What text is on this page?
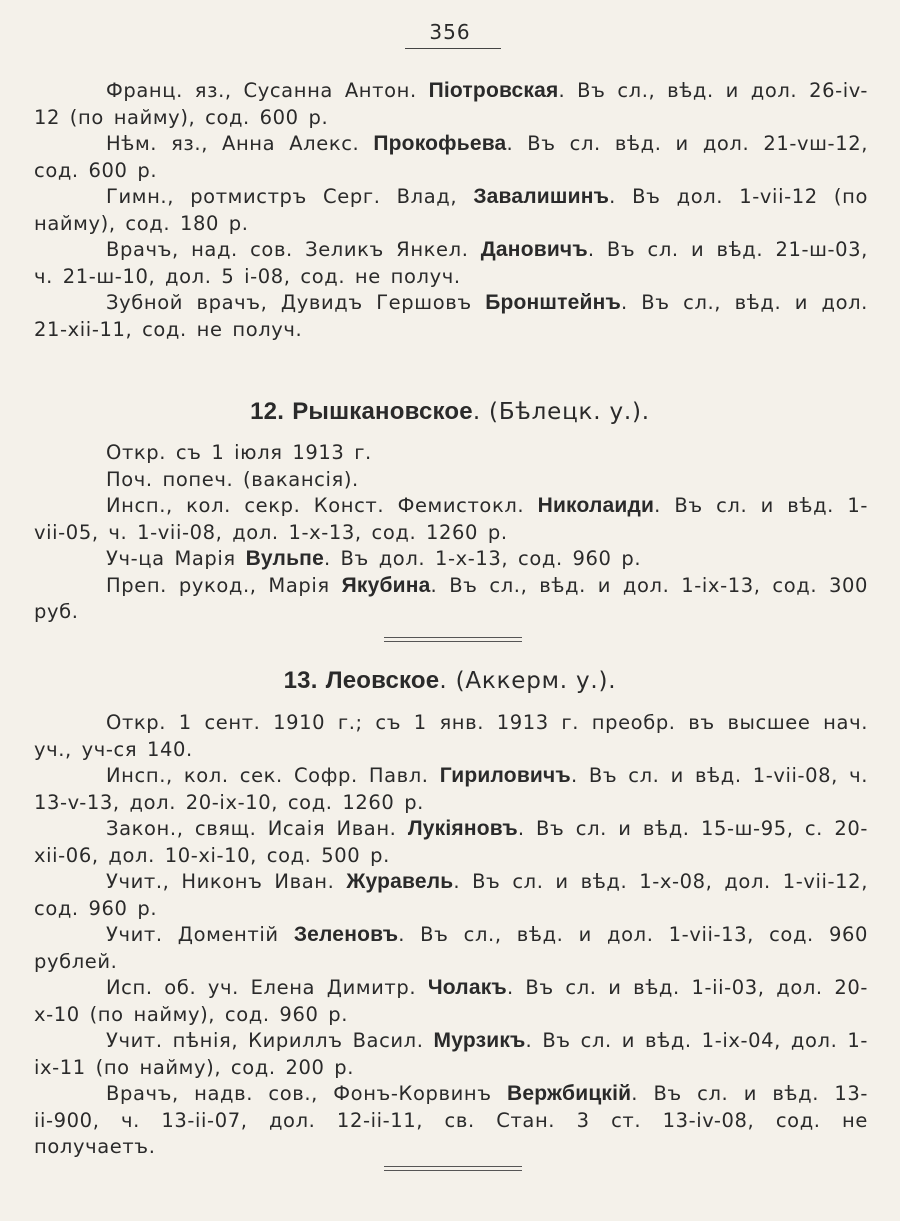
356

Франц. яз., Сусанна Антон. Піотровская. Въ сл., вѣд. и дол. 26-іv-12 (по найму), сод. 600 р.

Нѣм. яз., Анна Алекс. Прокофьева. Въ сл. вѣд. и дол. 21-vш-12, сод. 600 р.

Гимн., ротмистръ Серг. Влад, Завалишинъ. Въ дол. 1-vіі-12 (по найму), сод. 180 р.

Врачъ, над. сов. Зеликъ Янкел. Дановичъ. Въ сл. и вѣд. 21-ш-03, ч. 21-ш-10, дол. 5 і-08, сод. не получ.

Зубной врачъ, Дувидъ Гершовъ Бронштейнъ. Въ сл., вѣд. и дол. 21-хіі-11, сод. не получ.

12. Рышкановское. (Бѣлецк. у.).

Откр. съ 1 іюля 1913 г.

Поч. попеч. (вакансія).

Инсп., кол. секр. Конст. Фемистокл. Николаиди. Въ сл. и вѣд. 1-vіі-05, ч. 1-vіі-08, дол. 1-х-13, сод. 1260 р.

Уч-ца Марія Вульпе. Въ дол. 1-х-13, сод. 960 р.

Преп. рукод., Марія Якубина. Въ сл., вѣд. и дол. 1-іх-13, сод. 300 руб.

13. Леовское. (Аккерм. у.).

Откр. 1 сент. 1910 г.; съ 1 янв. 1913 г. преобр. въ высшее нач. уч., уч-ся 140.

Инсп., кол. сек. Софр. Павл. Гириловичъ. Въ сл. и вѣд. 1-vіі-08, ч. 13-v-13, дол. 20-іх-10, сод. 1260 р.

Закон., свящ. Исаія Иван. Лукіяновъ. Въ сл. и вѣд. 15-ш-95, с. 20-хіі-06, дол. 10-хі-10, сод. 500 р.

Учит., Никонъ Иван. Журавель. Въ сл. и вѣд. 1-х-08, дол. 1-vіі-12, сод. 960 р.

Учит. Доментій Зеленовъ. Въ сл., вѣд. и дол. 1-vіі-13, сод. 960 рублей.

Исп. об. уч. Елена Димитр. Чолакъ. Въ сл. и вѣд. 1-іі-03, дол. 20-х-10 (по найму), сод. 960 р.

Учит. пѣнія, Кириллъ Васил. Мурзикъ. Въ сл. и вѣд. 1-іх-04, дол. 1-іх-11 (по найму), сод. 200 р.

Врачъ, надв. сов., Фонъ-Корвинъ Вержбицкій. Въ сл. и вѣд. 13-іі-900, ч. 13-іі-07, дол. 12-іі-11, св. Стан. 3 ст. 13-іv-08, сод. не получаетъ.
